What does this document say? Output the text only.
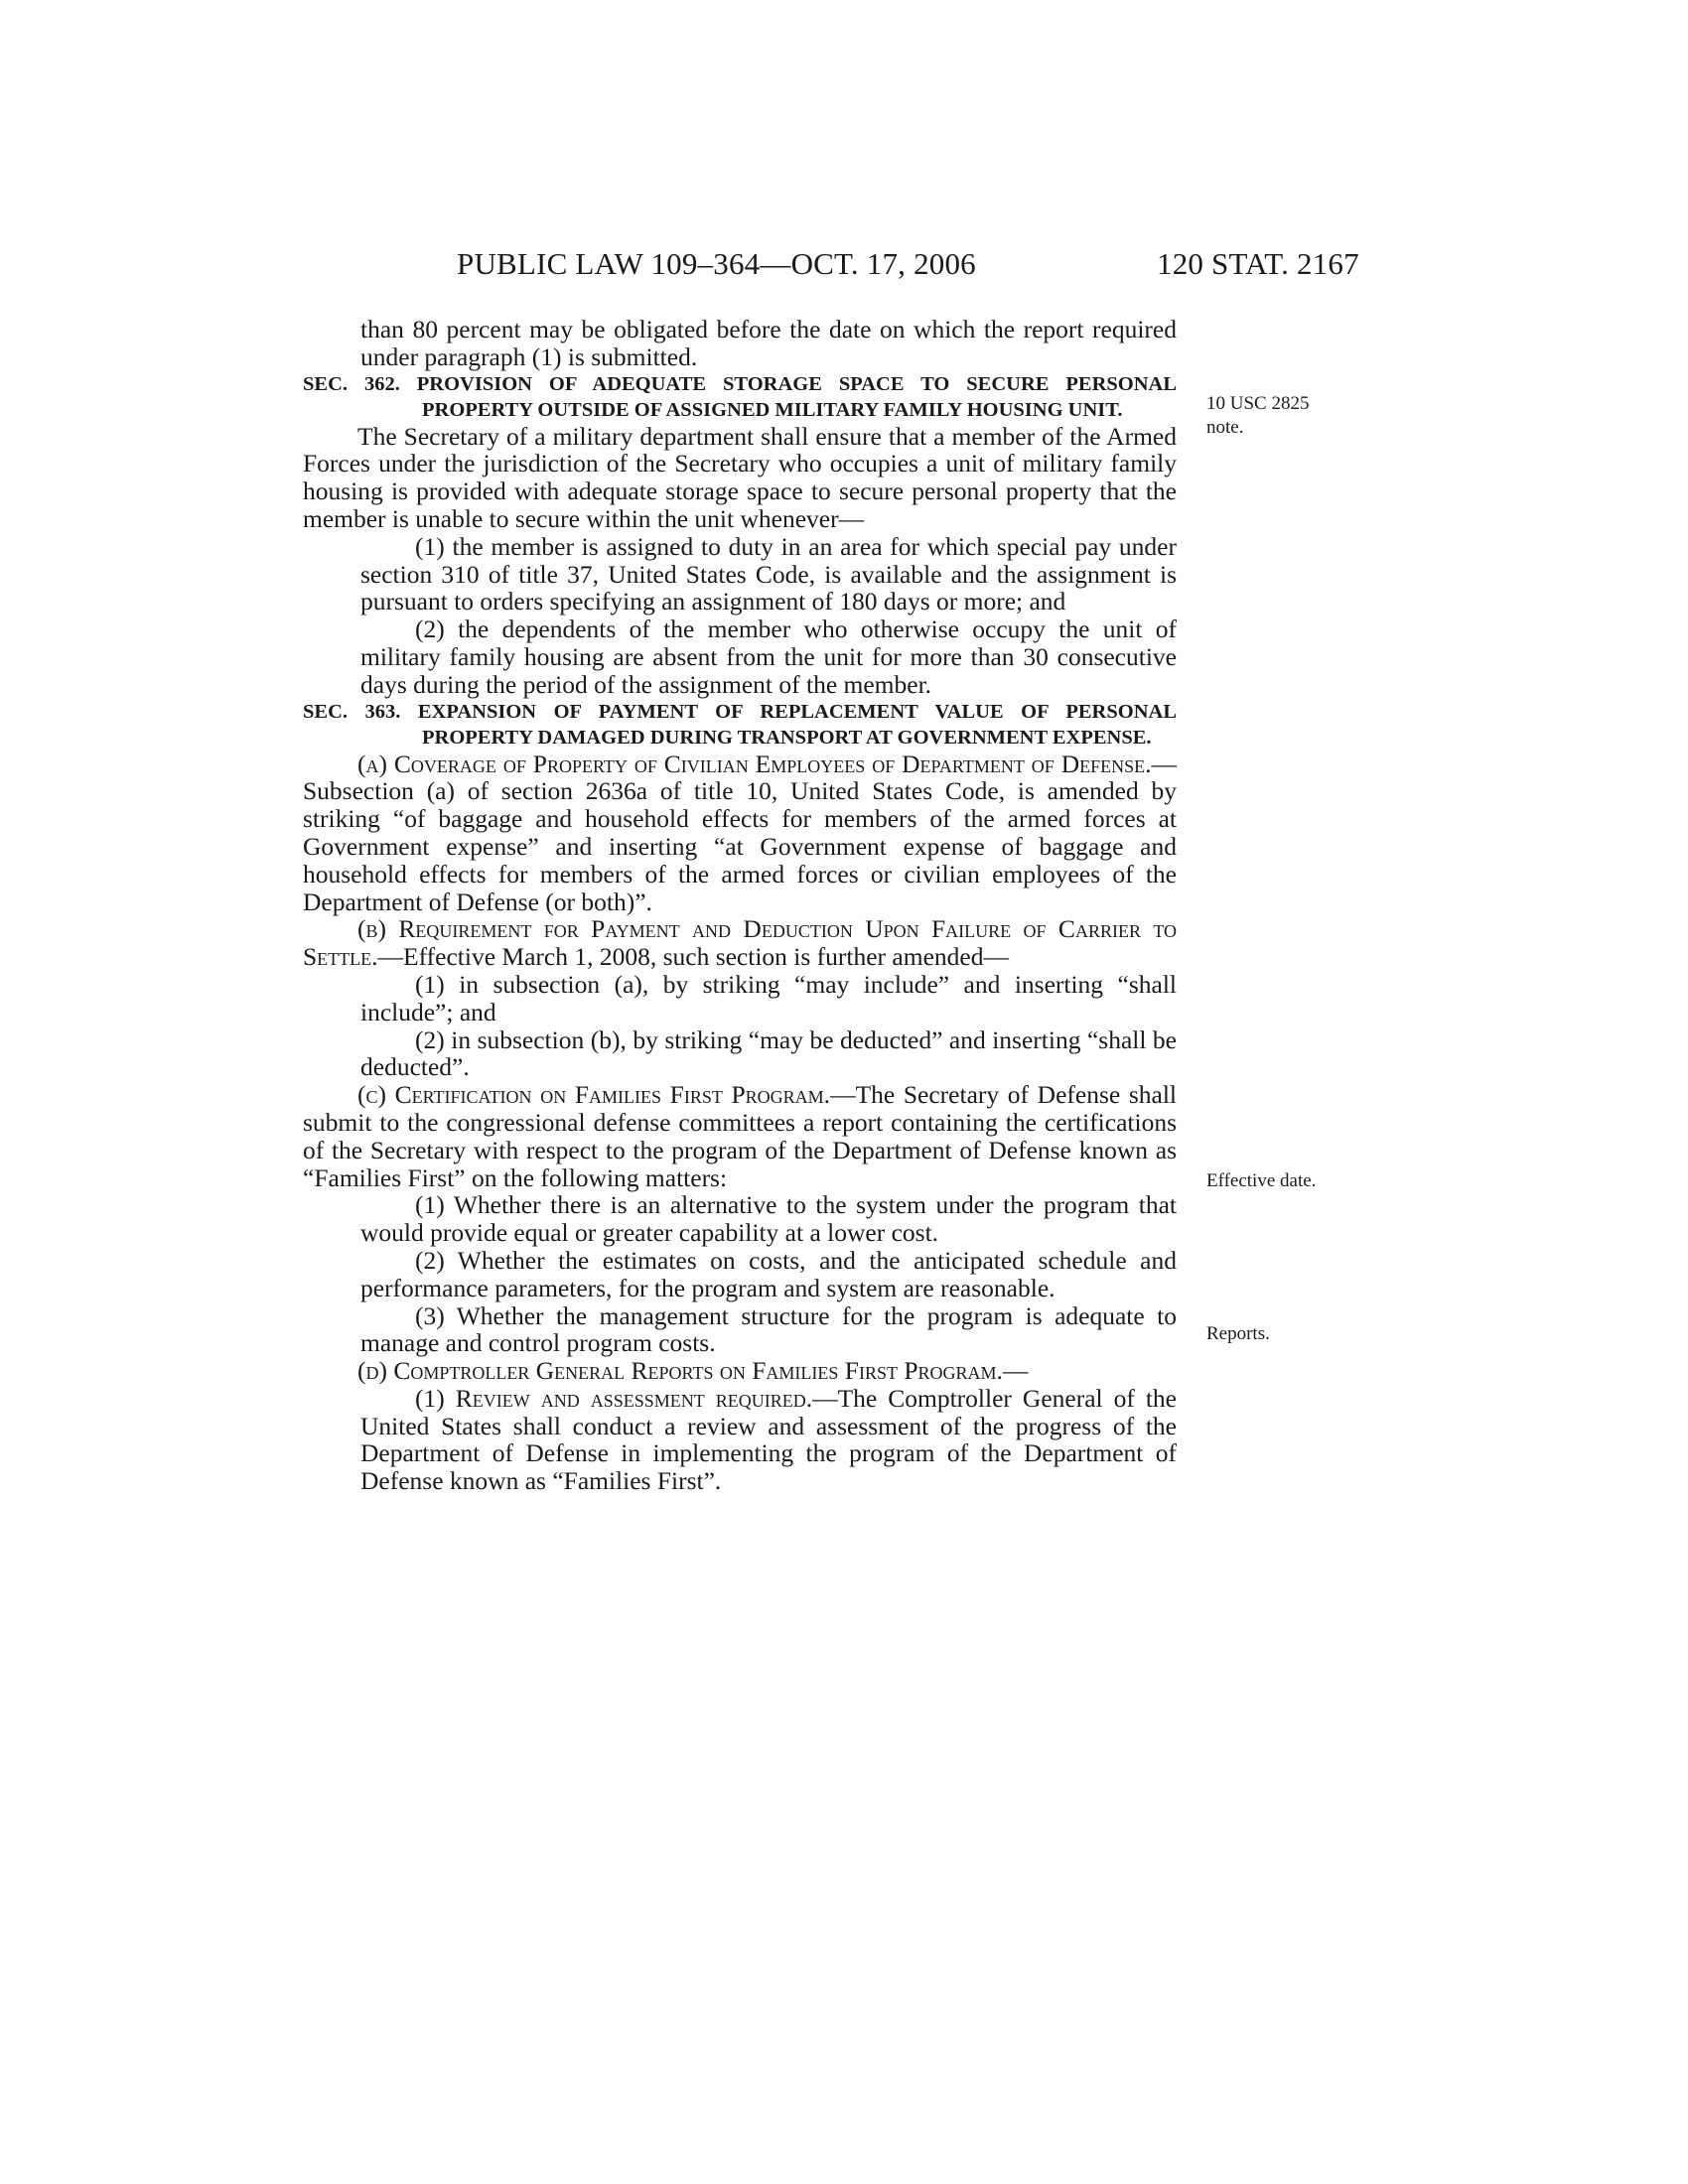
PUBLIC LAW 109–364—OCT. 17, 2006	120 STAT. 2167
10 USC 2825
note.
Effective date.
Reports.

than 80 percent may be obligated before the date on which the report required under paragraph (1) is submitted.

SEC. 362. PROVISION OF ADEQUATE STORAGE SPACE TO SECURE PERSONAL PROPERTY OUTSIDE OF ASSIGNED MILITARY FAMILY HOUSING UNIT.

The Secretary of a military department shall ensure that a member of the Armed Forces under the jurisdiction of the Secretary who occupies a unit of military family housing is provided with adequate storage space to secure personal property that the member is unable to secure within the unit whenever—

(1) the member is assigned to duty in an area for which special pay under section 310 of title 37, United States Code, is available and the assignment is pursuant to orders specifying an assignment of 180 days or more; and

(2) the dependents of the member who otherwise occupy the unit of military family housing are absent from the unit for more than 30 consecutive days during the period of the assignment of the member.

SEC. 363. EXPANSION OF PAYMENT OF REPLACEMENT VALUE OF PERSONAL PROPERTY DAMAGED DURING TRANSPORT AT GOVERNMENT EXPENSE.

(a) Coverage of Property of Civilian Employees of Department of Defense.—Subsection (a) of section 2636a of title 10, United States Code, is amended by striking “of baggage and household effects for members of the armed forces at Government expense” and inserting “at Government expense of baggage and household effects for members of the armed forces or civilian employees of the Department of Defense (or both)”.

(b) Requirement for Payment and Deduction Upon Failure of Carrier to Settle.—Effective March 1, 2008, such section is further amended—

(1) in subsection (a), by striking “may include” and inserting “shall include”; and

(2) in subsection (b), by striking “may be deducted” and inserting “shall be deducted”.

(c) Certification on Families First Program.—The Secretary of Defense shall submit to the congressional defense committees a report containing the certifications of the Secretary with respect to the program of the Department of Defense known as “Families First” on the following matters:

(1) Whether there is an alternative to the system under the program that would provide equal or greater capability at a lower cost.

(2) Whether the estimates on costs, and the anticipated schedule and performance parameters, for the program and system are reasonable.

(3) Whether the management structure for the program is adequate to manage and control program costs.

(d) Comptroller General Reports on Families First Program.—

(1) Review and assessment required.—The Comptroller General of the United States shall conduct a review and assessment of the progress of the Department of Defense in implementing the program of the Department of Defense known as “Families First”.
